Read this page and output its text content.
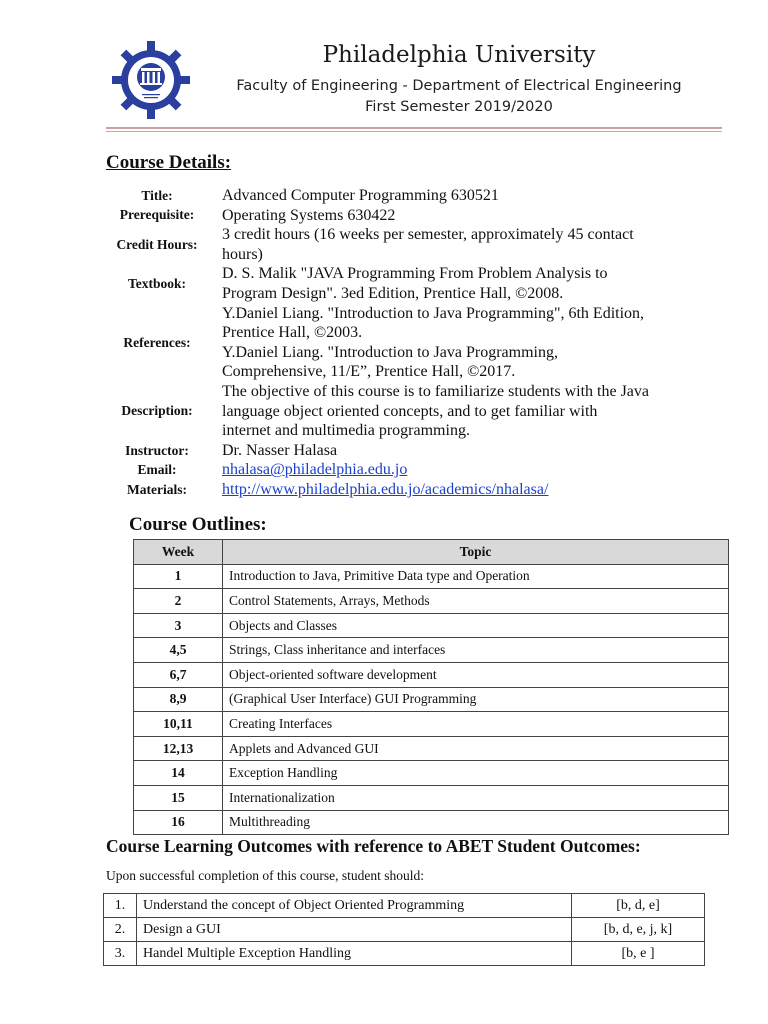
Philadelphia University
Faculty of Engineering - Department of Electrical Engineering
First Semester 2019/2020
Course Details:
Title:	Advanced Computer Programming 630521
Prerequisite:	Operating Systems 630422
Credit Hours:
3 credit hours (16 weeks per semester, approximately 45 contact
hours)
Textbook:
D. S. Malik "JAVA Programming From Problem Analysis to
Program Design". 3ed Edition, Prentice Hall, ©2008.
References:
Y.Daniel Liang. "Introduction to Java Programming", 6th Edition,
Prentice Hall, ©2003.
Y.Daniel Liang. "Introduction to Java Programming,
Comprehensive, 11/E”, Prentice Hall, ©2017.
Description:
The objective of this course is to familiarize students with the Java
language object oriented concepts, and to get familiar with
internet and multimedia programming.
Instructor:	Dr. Nasser Halasa
Email:	nhalasa@philadelphia.edu.jo
Materials:	http://www.philadelphia.edu.jo/academics/nhalasa/
Course Outlines:
Week	Topic
1	Introduction to Java, Primitive Data type and Operation
2	Control Statements, Arrays, Methods
3	Objects and Classes
4,5	Strings, Class inheritance and interfaces
6,7	Object-oriented software development
8,9	(Graphical User Interface) GUI Programming
10,11	Creating Interfaces
12,13	Applets and Advanced GUI
14	Exception Handling
15	Internationalization
16	Multithreading
Course Learning Outcomes with reference to ABET Student Outcomes:
Upon successful completion of this course, student should:
1.	Understand the concept of Object Oriented Programming	[b, d, e]
2.	Design a GUI	[b, d, e, j, k]
3.	Handel Multiple Exception Handling	[b, e ]
